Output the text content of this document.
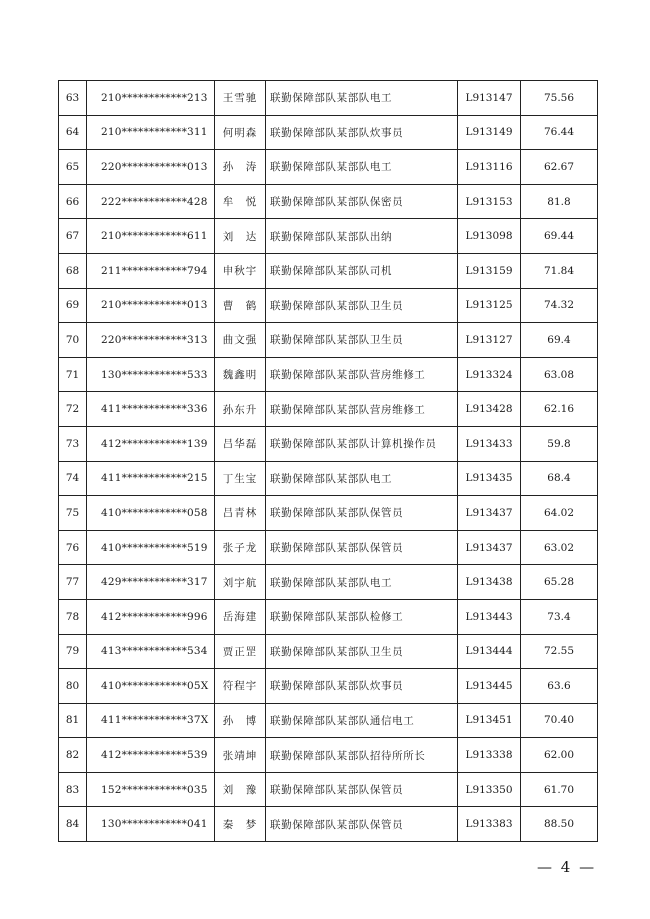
63	210************213	王雪驰	联勤保障部队某部队电工	L913147	75.56
64	210************311	何明森	联勤保障部队某部队炊事员	L913149	76.44
65	220************013	孙　涛	联勤保障部队某部队电工	L913116	62.67
66	222************428	牟　悦	联勤保障部队某部队保密员	L913153	81.8
67	210************611	刘　达	联勤保障部队某部队出纳	L913098	69.44
68	211************794	申秋宇	联勤保障部队某部队司机	L913159	71.84
69	210************013	曹　鹤	联勤保障部队某部队卫生员	L913125	74.32
70	220************313	曲文强	联勤保障部队某部队卫生员	L913127	69.4
71	130************533	魏鑫明	联勤保障部队某部队营房维修工	L913324	63.08
72	411************336	孙东升	联勤保障部队某部队营房维修工	L913428	62.16
73	412************139	吕华磊	联勤保障部队某部队计算机操作员	L913433	59.8
74	411************215	丁生宝	联勤保障部队某部队电工	L913435	68.4
75	410************058	吕青林	联勤保障部队某部队保管员	L913437	64.02
76	410************519	张子龙	联勤保障部队某部队保管员	L913437	63.02
77	429************317	刘宇航	联勤保障部队某部队电工	L913438	65.28
78	412************996	岳海建	联勤保障部队某部队检修工	L913443	73.4
79	413************534	贾正罡	联勤保障部队某部队卫生员	L913444	72.55
80	410************05X	符程宇	联勤保障部队某部队炊事员	L913445	63.6
81	411************37X	孙　博	联勤保障部队某部队通信电工	L913451	70.40
82	412************539	张靖坤	联勤保障部队某部队招待所所长	L913338	62.00
83	152************035	刘　豫	联勤保障部队某部队保管员	L913350	61.70
84	130************041	秦　梦	联勤保障部队某部队保管员	L913383	88.50
— 4 —
